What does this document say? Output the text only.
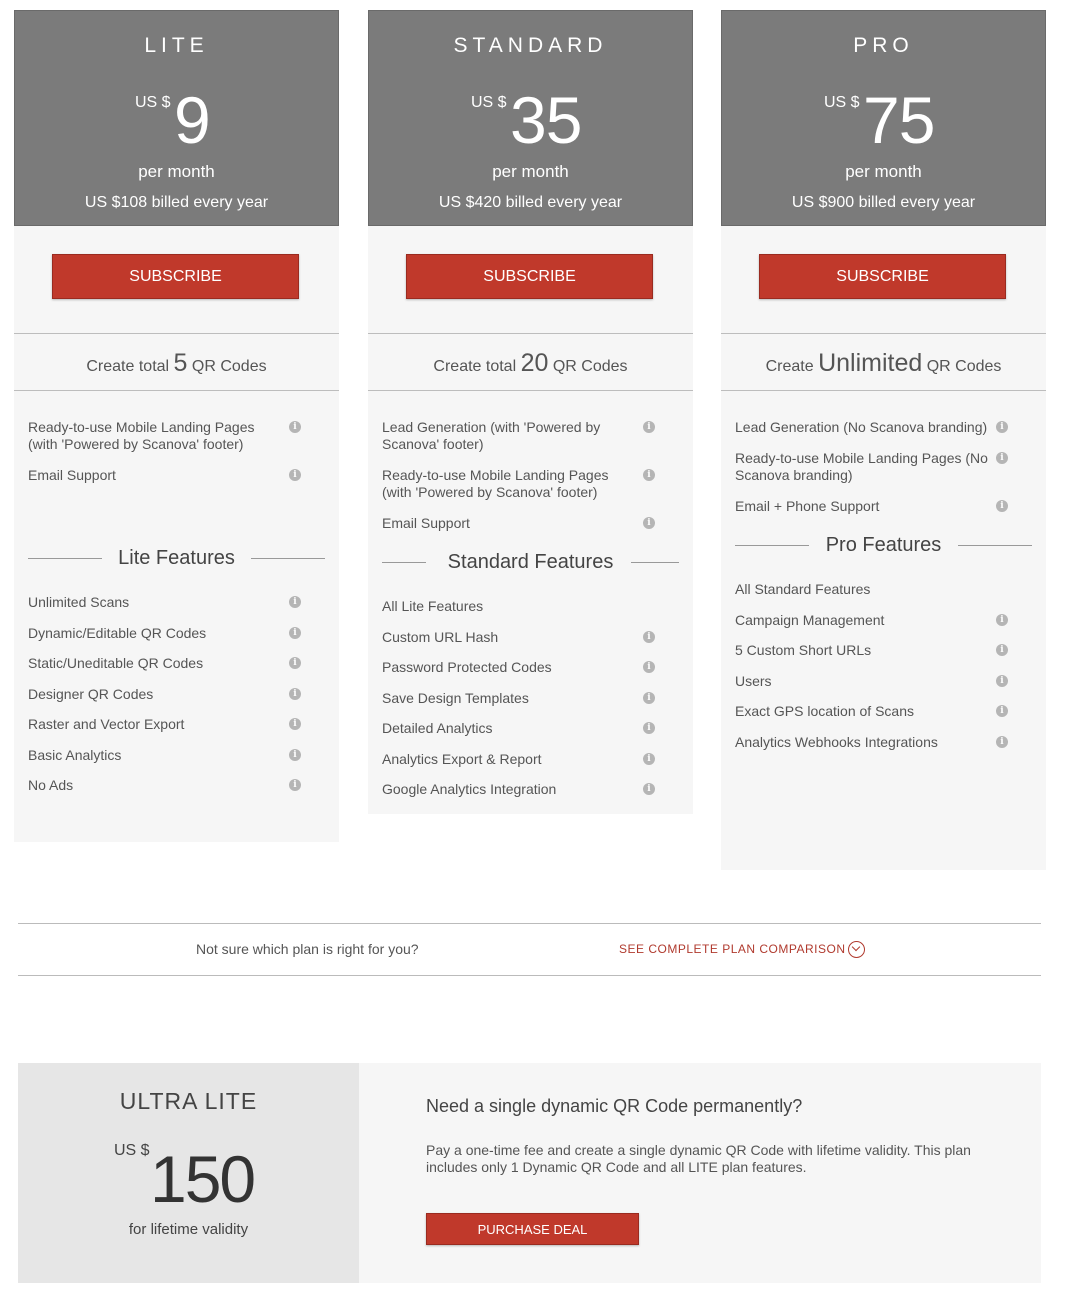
LITE
US $ 9
per month
US $108 billed every year
SUBSCRIBE
Create total 5 QR Codes
Ready-to-use Mobile Landing Pages (with 'Powered by Scanova' footer)
i
Email Support	i
Lite Features
Unlimited Scans	i
Dynamic/Editable QR Codes	i
Static/Uneditable QR Codes	i
Designer QR Codes	i
Raster and Vector Export	i
Basic Analytics	i
No Ads	i
STANDARD
US $ 35
per month
US $420 billed every year
SUBSCRIBE
Create total 20 QR Codes
Lead Generation (with 'Powered by Scanova' footer)
i
Ready-to-use Mobile Landing Pages (with 'Powered by Scanova' footer)
i
Email Support	i
Standard Features
All Lite Features
Custom URL Hash	i
Password Protected Codes	i
Save Design Templates	i
Detailed Analytics	i
Analytics Export & Report	i
Google Analytics Integration	i
PRO
US $ 75
per month
US $900 billed every year
SUBSCRIBE
Create Unlimited QR Codes
Lead Generation (No Scanova branding)	i
Ready-to-use Mobile Landing Pages (No Scanova branding)
i
Email + Phone Support	i
Pro Features
All Standard Features
Campaign Management	i
5 Custom Short URLs	i
Users	i
Exact GPS location of Scans	i
Analytics Webhooks Integrations	i
Not sure which plan is right for you?	SEE COMPLETE PLAN COMPARISON
ULTRA LITE
US $ 150
for lifetime validity
Need a single dynamic QR Code permanently?
Pay a one-time fee and create a single dynamic QR Code with lifetime validity. This plan includes only 1 Dynamic QR Code and all LITE plan features.
PURCHASE DEAL
